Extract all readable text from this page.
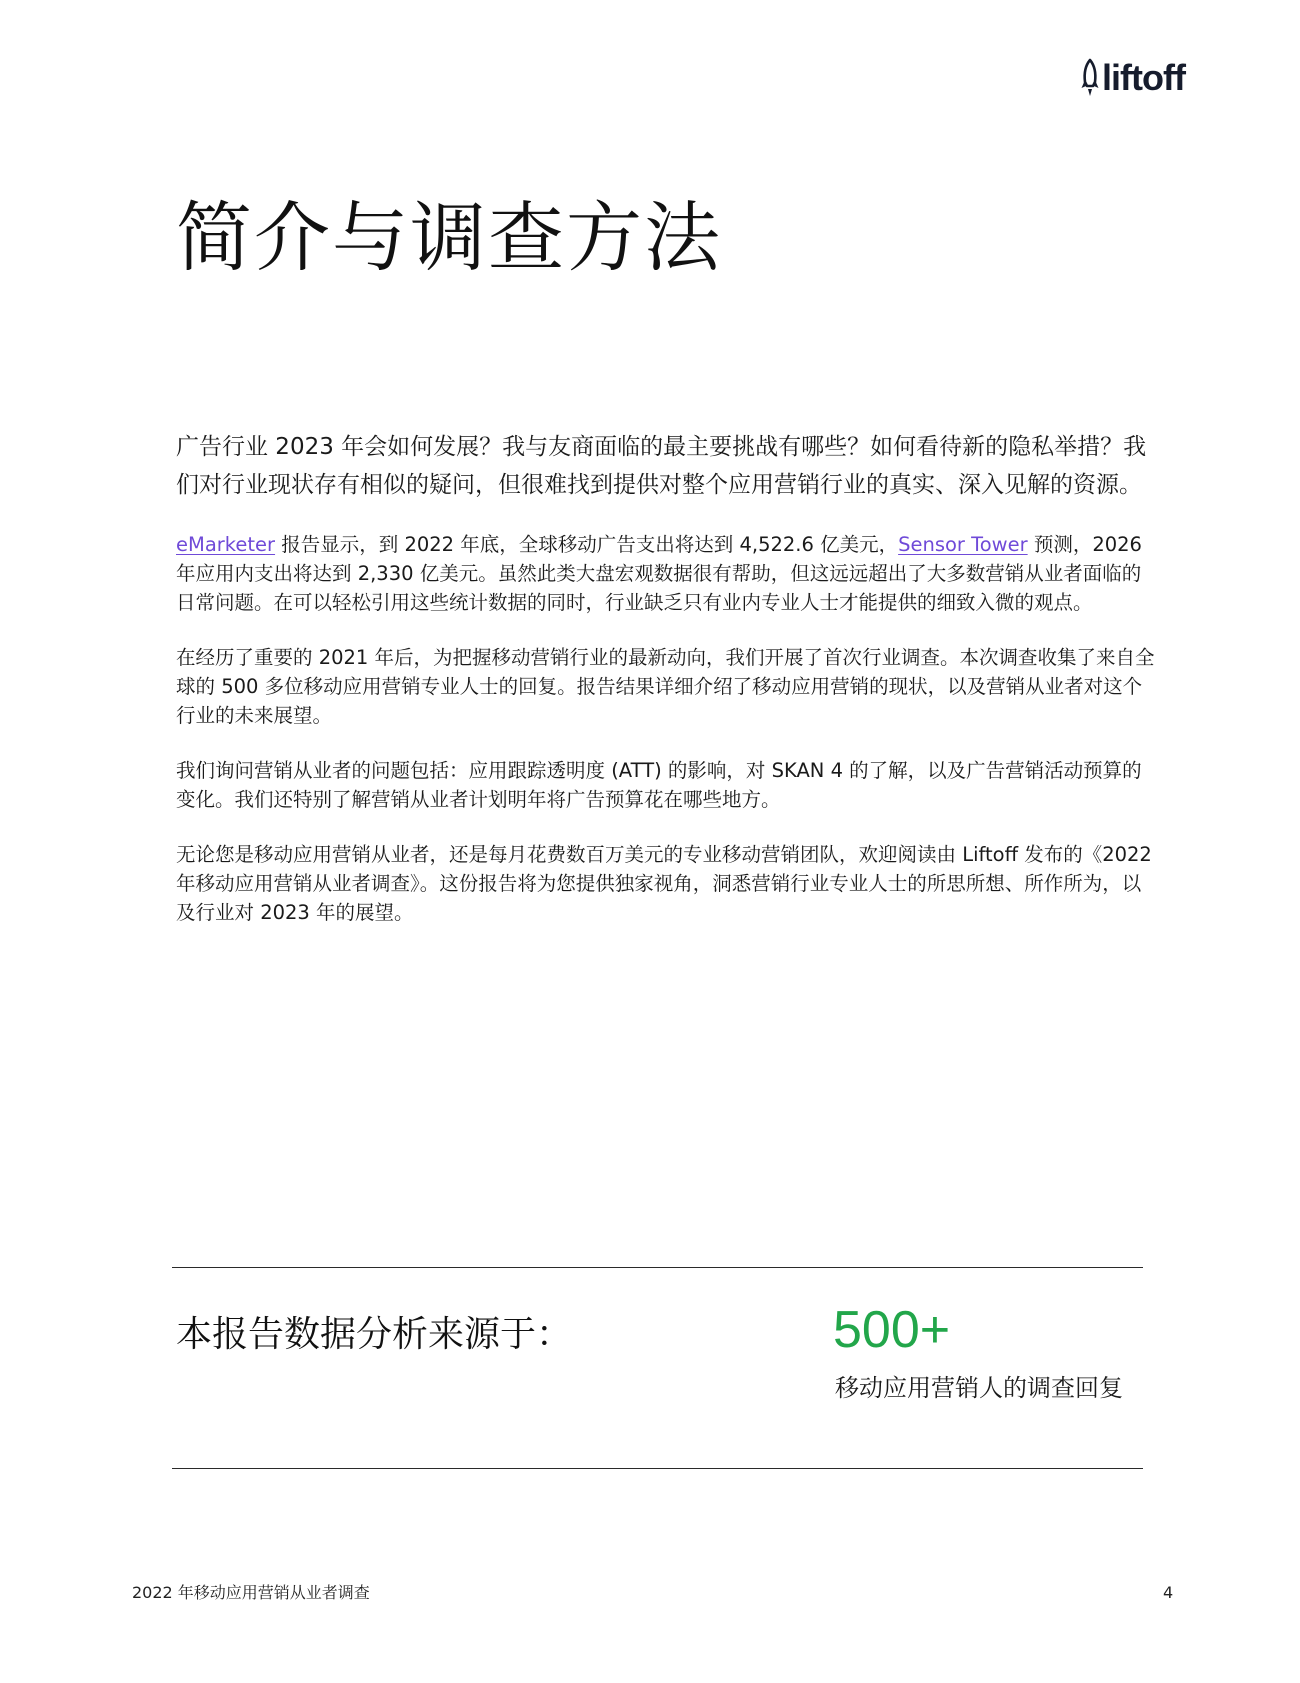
liftoff
简介与调查方法

广告行业 2023 年会如何发展？我与友商面临的最主要挑战有哪些？如何看待新的隐私举措？我们对行业现状存有相似的疑问，但很难找到提供对整个应用营销行业的真实、深入见解的资源。

eMarketer 报告显示，到 2022 年底，全球移动广告支出将达到 4,522.6 亿美元，Sensor Tower 预测，2026 年应用内支出将达到 2,330 亿美元。虽然此类大盘宏观数据很有帮助，但这远远超出了大多数营销从业者面临的日常问题。在可以轻松引用这些统计数据的同时，行业缺乏只有业内专业人士才能提供的细致入微的观点。

在经历了重要的 2021 年后，为把握移动营销行业的最新动向，我们开展了首次行业调查。本次调查收集了来自全球的 500 多位移动应用营销专业人士的回复。报告结果详细介绍了移动应用营销的现状，以及营销从业者对这个行业的未来展望。

我们询问营销从业者的问题包括：应用跟踪透明度 (ATT) 的影响，对 SKAN 4 的了解，以及广告营销活动预算的变化。我们还特别了解营销从业者计划明年将广告预算花在哪些地方。

无论您是移动应用营销从业者，还是每月花费数百万美元的专业移动营销团队，欢迎阅读由 Liftoff 发布的《2022 年移动应用营销从业者调查》。这份报告将为您提供独家视角，洞悉营销行业专业人士的所思所想、所作所为，以及行业对 2023 年的展望。

本报告数据分析来源于：	500+
移动应用营销人的调查回复
2022 年移动应用营销从业者调查	4
